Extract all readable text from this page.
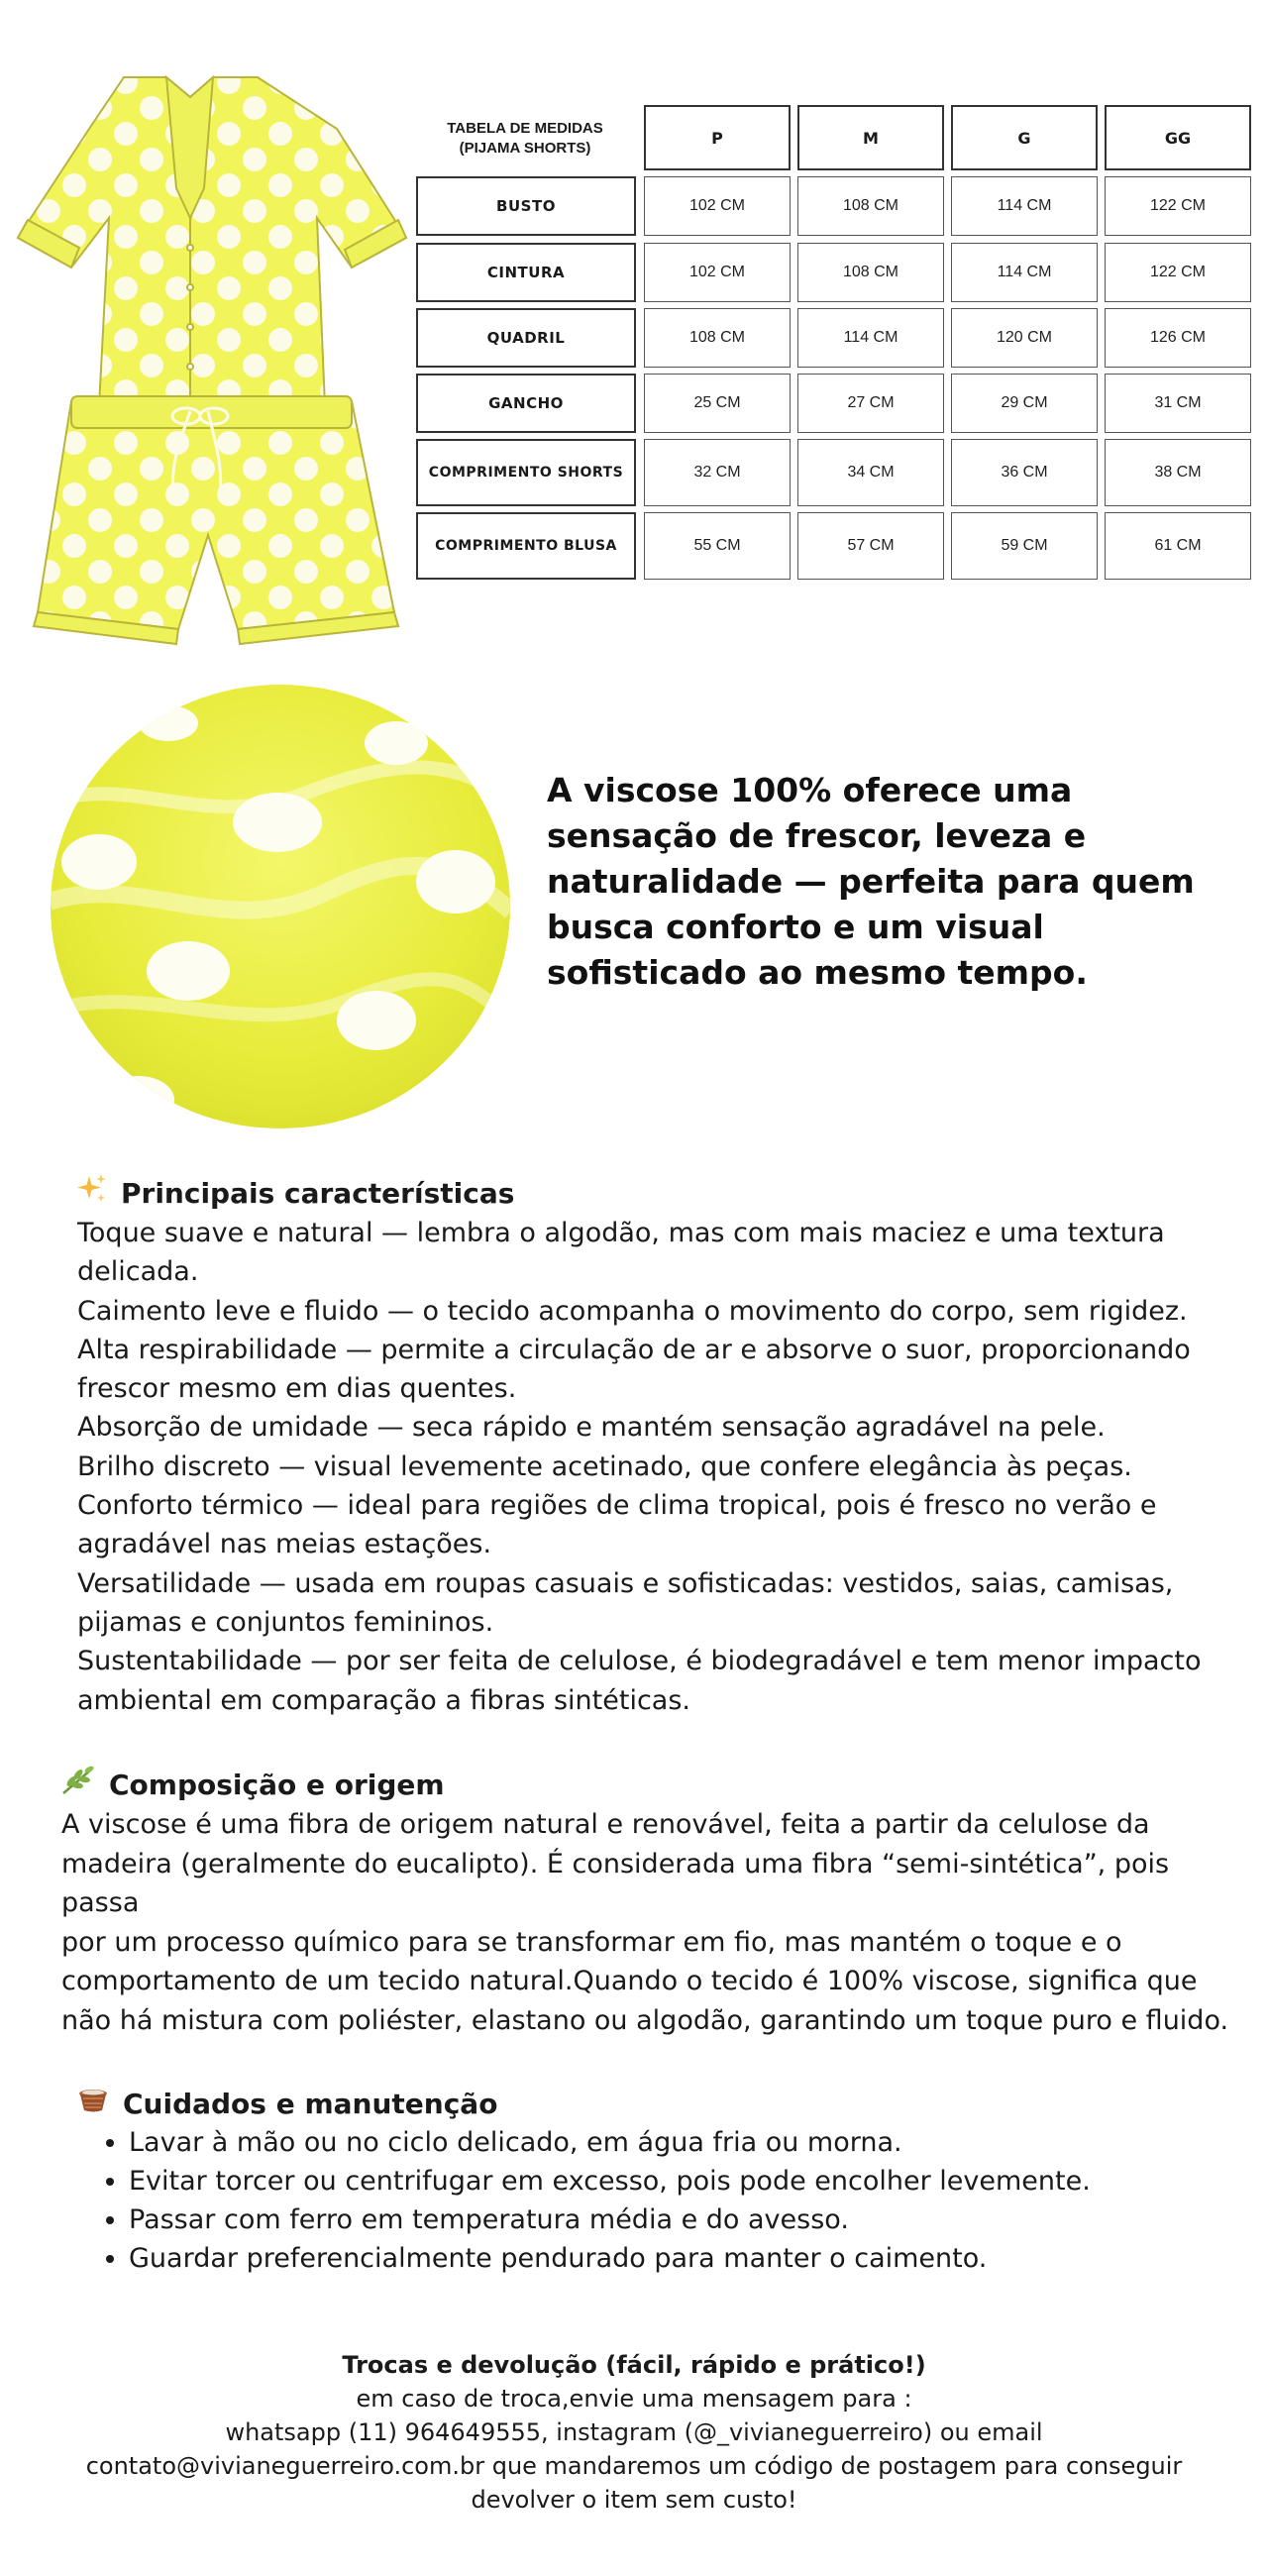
TABELA DE MEDIDAS
(PIJAMA SHORTS)
P	M	G	GG
BUSTO	102 CM	108 CM	114 CM	122 CM
CINTURA	102 CM	108 CM	114 CM	122 CM
QUADRIL	108 CM	114 CM	120 CM	126 CM
GANCHO	25 CM	27 CM	29 CM	31 CM
COMPRIMENTO SHORTS	32 CM	34 CM	36 CM	38 CM
COMPRIMENTO BLUSA	55 CM	57 CM	59 CM	61 CM
A viscose 100% oferece uma sensação de frescor, leveza e naturalidade — perfeita para quem busca conforto e um visual sofisticado ao mesmo tempo.
Principais características
Toque suave e natural — lembra o algodão, mas com mais maciez e uma textura
delicada.
Caimento leve e fluido — o tecido acompanha o movimento do corpo, sem rigidez.
Alta respirabilidade — permite a circulação de ar e absorve o suor, proporcionando
frescor mesmo em dias quentes.
Absorção de umidade — seca rápido e mantém sensação agradável na pele.
Brilho discreto — visual levemente acetinado, que confere elegância às peças.
Conforto térmico — ideal para regiões de clima tropical, pois é fresco no verão e
agradável nas meias estações.
Versatilidade — usada em roupas casuais e sofisticadas: vestidos, saias, camisas,
pijamas e conjuntos femininos.
Sustentabilidade — por ser feita de celulose, é biodegradável e tem menor impacto
ambiental em comparação a fibras sintéticas.
Composição e origem
A viscose é uma fibra de origem natural e renovável, feita a partir da celulose da
madeira (geralmente do eucalipto). É considerada uma fibra “semi-sintética”, pois passa
por um processo químico para se transformar em fio, mas mantém o toque e o
comportamento de um tecido natural.Quando o tecido é 100% viscose, significa que
não há mistura com poliéster, elastano ou algodão, garantindo um toque puro e fluido.
Cuidados e manutenção
• Lavar à mão ou no ciclo delicado, em água fria ou morna.
• Evitar torcer ou centrifugar em excesso, pois pode encolher levemente.
• Passar com ferro em temperatura média e do avesso.
• Guardar preferencialmente pendurado para manter o caimento.
Trocas e devolução (fácil, rápido e prático!)
em caso de troca,envie uma mensagem para :
whatsapp (11) 964649555, instagram (@_vivianeguerreiro) ou email
contato@vivianeguerreiro.com.br que mandaremos um código de postagem para conseguir
devolver o item sem custo!
